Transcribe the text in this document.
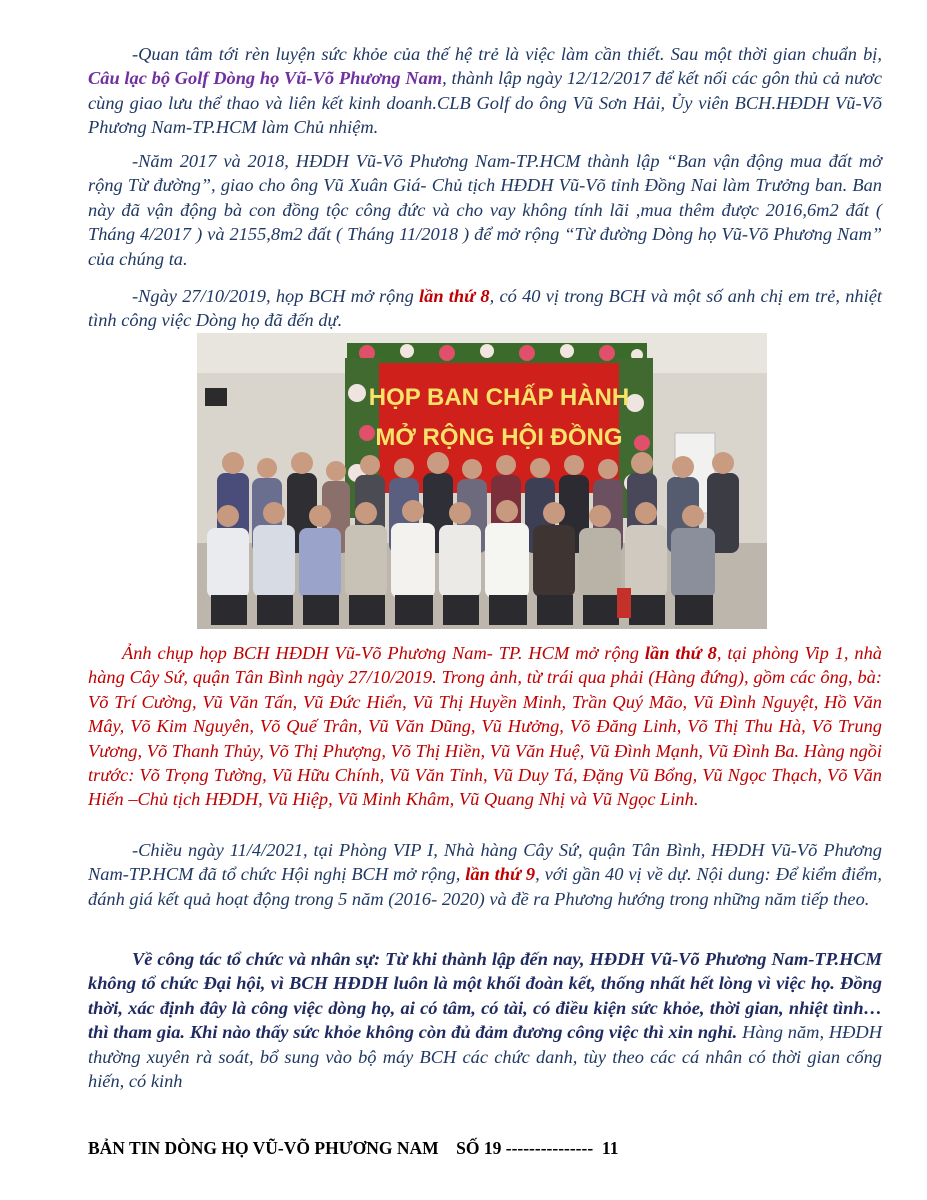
-Quan tâm tới rèn luyện sức khỏe của thế hệ trẻ là việc làm cần thiết. Sau một thời gian chuẩn bị, Câu lạc bộ Golf Dòng họ Vũ-Võ Phương Nam, thành lập ngày 12/12/2017 để kết nối các gôn thủ cả nươc cùng giao lưu thể thao và liên kết kinh doanh.CLB Golf do ông Vũ Sơn Hải, Ủy viên BCH.HĐDH Vũ-Võ Phương Nam-TP.HCM làm Chủ nhiệm.

-Năm 2017 và 2018, HĐDH Vũ-Võ Phương Nam-TP.HCM thành lập “Ban vận động mua đất mở rộng Từ đường”, giao cho ông Vũ Xuân Giá- Chủ tịch HĐDH Vũ-Võ tỉnh Đồng Nai làm Trưởng ban. Ban này đã vận động bà con đồng tộc công đức và cho vay không tính lãi ,mua thêm được 2016,6m2 đất ( Tháng 4/2017 ) và 2155,8m2 đất ( Tháng 11/2018 ) để mở rộng “Từ đường Dòng họ Vũ-Võ Phương Nam” của chúng ta.

-Ngày 27/10/2019, họp BCH mở rộng lần thứ 8, có 40 vị trong BCH và một số anh chị em trẻ, nhiệt tình công việc Dòng họ đã đến dự.

HỌP BAN CHẤP HÀNH
MỞ RỘNG HỘI ĐỒNG

Ảnh chụp họp BCH HĐDH Vũ-Võ Phương Nam- TP. HCM mở rộng lần thứ 8, tại phòng Vip 1, nhà hàng Cây Sứ, quận Tân Bình ngày 27/10/2019. Trong ảnh, từ trái qua phải (Hàng đứng), gồm các ông, bà: Võ Trí Cường, Vũ Văn Tấn, Vũ Đức Hiển, Vũ Thị Huyền Minh, Trần Quý Mão, Vũ Đình Nguyệt, Hồ Văn Mây, Võ Kim Nguyên, Võ Quế Trân, Vũ Văn Dũng, Vũ Hưởng, Võ Đăng Linh, Võ Thị Thu Hà, Võ Trung Vương, Võ Thanh Thủy, Võ Thị Phượng, Võ Thị Hiền, Vũ Văn Huệ, Vũ Đình Mạnh, Vũ Đình Ba. Hàng ngồi trước: Võ Trọng Tường, Vũ Hữu Chính, Vũ Văn Tỉnh, Vũ Duy Tá, Đặng Vũ Bổng, Vũ Ngọc Thạch, Võ Văn Hiến –Chủ tịch HĐDH, Vũ Hiệp, Vũ Minh Khâm, Vũ Quang Nhị và Vũ Ngọc Linh.

-Chiều ngày 11/4/2021, tại Phòng VIP I, Nhà hàng Cây Sứ, quận Tân Bình, HĐDH Vũ-Võ Phương Nam-TP.HCM đã tổ chức Hội nghị BCH mở rộng, lần thứ 9, với gần 40 vị về dự. Nội dung: Để kiểm điểm, đánh giá kết quả hoạt động trong 5 năm (2016- 2020) và đề ra Phương hướng trong những năm tiếp theo.

Về công tác tổ chức và nhân sự: Từ khi thành lập đến nay, HĐDH Vũ-Võ Phương Nam-TP.HCM không tổ chức Đại hội, vì BCH HĐDH luôn là một khối đoàn kết, thống nhất hết lòng vì việc họ. Đồng thời, xác định đây là công việc dòng họ, ai có tâm, có tài, có điều kiện sức khỏe, thời gian, nhiệt tình… thì tham gia. Khi nào thấy sức khỏe không còn đủ đảm đương công việc thì xin nghỉ. Hàng năm, HĐDH thường xuyên rà soát, bổ sung vào bộ máy BCH các chức danh, tùy theo các cá nhân có thời gian cống hiến, có kinh

BẢN TIN DÒNG HỌ VŨ-VÕ PHƯƠNG NAM    SỐ 19 ---------------  11
